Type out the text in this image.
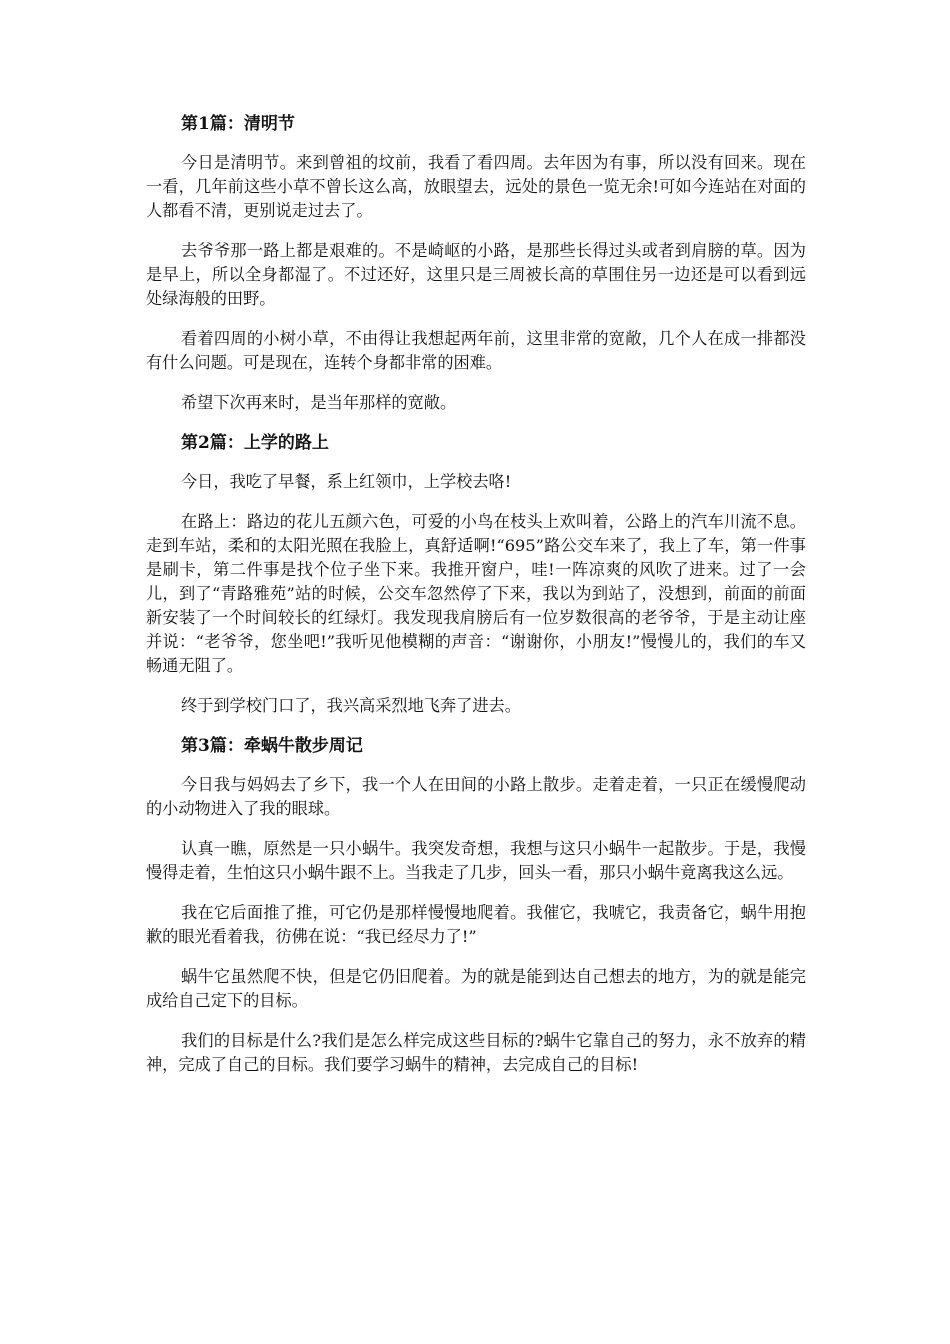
第1篇：清明节

今日是清明节。来到曾祖的坟前，我看了看四周。去年因为有事，所以没有回来。现在一看，几年前这些小草不曾长这么高，放眼望去，远处的景色一览无余!可如今连站在对面的人都看不清，更别说走过去了。

去爷爷那一路上都是艰难的。不是崎岖的小路，是那些长得过头或者到肩膀的草。因为是早上，所以全身都湿了。不过还好，这里只是三周被长高的草围住另一边还是可以看到远处绿海般的田野。

看着四周的小树小草，不由得让我想起两年前，这里非常的宽敞，几个人在成一排都没有什么问题。可是现在，连转个身都非常的困难。

希望下次再来时，是当年那样的宽敞。

第2篇：上学的路上

今日，我吃了早餐，系上红领巾，上学校去咯!

在路上：路边的花儿五颜六色，可爱的小鸟在枝头上欢叫着，公路上的汽车川流不息。走到车站，柔和的太阳光照在我脸上，真舒适啊!“695”路公交车来了，我上了车，第一件事是刷卡，第二件事是找个位子坐下来。我推开窗户，哇!一阵凉爽的风吹了进来。过了一会儿，到了“青路雅苑”站的时候，公交车忽然停了下来，我以为到站了，没想到，前面的前面新安装了一个时间较长的红绿灯。我发现我肩膀后有一位岁数很高的老爷爷，于是主动让座并说：“老爷爷，您坐吧!”我听见他模糊的声音：“谢谢你，小朋友!”慢慢儿的，我们的车又畅通无阻了。

终于到学校门口了，我兴高采烈地飞奔了进去。

第3篇：牵蜗牛散步周记

今日我与妈妈去了乡下，我一个人在田间的小路上散步。走着走着，一只正在缓慢爬动的小动物进入了我的眼球。

认真一瞧，原然是一只小蜗牛。我突发奇想，我想与这只小蜗牛一起散步。于是，我慢慢得走着，生怕这只小蜗牛跟不上。当我走了几步，回头一看，那只小蜗牛竟离我这么远。

我在它后面推了推，可它仍是那样慢慢地爬着。我催它，我唬它，我责备它，蜗牛用抱歉的眼光看着我，彷佛在说：“我已经尽力了!”

蜗牛它虽然爬不快，但是它仍旧爬着。为的就是能到达自己想去的地方，为的就是能完成给自己定下的目标。

我们的目标是什么?我们是怎么样完成这些目标的?蜗牛它靠自己的努力，永不放弃的精神，完成了自己的目标。我们要学习蜗牛的精神，去完成自己的目标!
